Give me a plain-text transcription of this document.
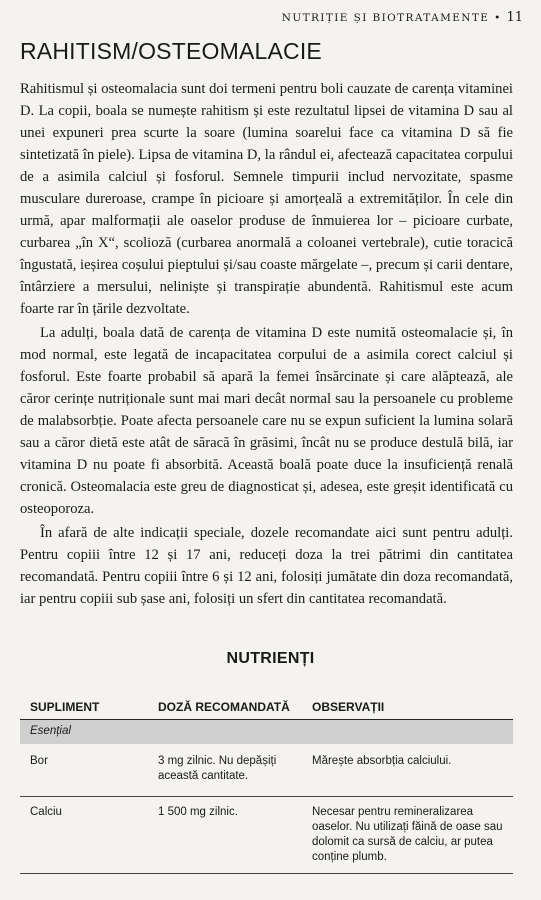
NUTRIȚIE ȘI BIOTRATAMENTE • 11
RAHITISM/OSTEOMALACIE

Rahitismul și osteomalacia sunt doi termeni pentru boli cauzate de carența vitaminei D. La copii, boala se numește rahitism și este rezultatul lipsei de vitamina D sau al unei expuneri prea scurte la soare (lumina soarelui face ca vitamina D să fie sintetizată în piele). Lipsa de vitamina D, la rândul ei, afectează capacitatea corpului de a asimila calciul și fosforul. Semnele timpurii includ nervozitate, spasme musculare dureroase, crampe în picioare și amorțeală a extremităților. În cele din urmă, apar malformații ale oaselor produse de înmuierea lor – picioare curbate, curbarea „în X“, scolioză (curbarea anormală a coloanei vertebrale), cutie toracică îngustată, ieșirea coșului pieptului și/sau coaste mărgelate –, precum și carii dentare, întârziere a mersului, neliniște și transpirație abundentă. Rahitismul este acum foarte rar în țările dezvoltate.

La adulți, boala dată de carența de vitamina D este numită osteomalacie și, în mod normal, este legată de incapacitatea corpului de a asimila corect calciul și fosforul. Este foarte probabil să apară la femei însărcinate și care alăptează, ale căror cerințe nutriționale sunt mai mari decât normal sau la persoanele cu probleme de malabsorbție. Poate afecta persoanele care nu se expun suficient la lumina solară sau a căror dietă este atât de săracă în grăsimi, încât nu se produce destulă bilă, iar vitamina D nu poate fi absorbită. Această boală poate duce la insuficiență renală cronică. Osteomalacia este greu de diagnosticat și, adesea, este greșit identificată cu osteoporoza.

În afară de alte indicații speciale, dozele recomandate aici sunt pentru adulți. Pentru copiii între 12 și 17 ani, reduceți doza la trei pătrimi din cantitatea recomandată. Pentru copiii între 6 și 12 ani, folosiți jumătate din doza recomandată, iar pentru copiii sub șase ani, folosiți un sfert din cantitatea recomandată.

NUTRIENȚI
SUPLIMENT	DOZĂ RECOMANDATĂ	OBSERVAȚII
Esențial		
Bor	3 mg zilnic. Nu depășiți această cantitate.	Mărește absorbția calciului.
Calciu	1 500 mg zilnic.	Necesar pentru remineralizarea oaselor. Nu utilizați făină de oase sau dolomit ca sursă de calciu, ar putea conține plumb.
